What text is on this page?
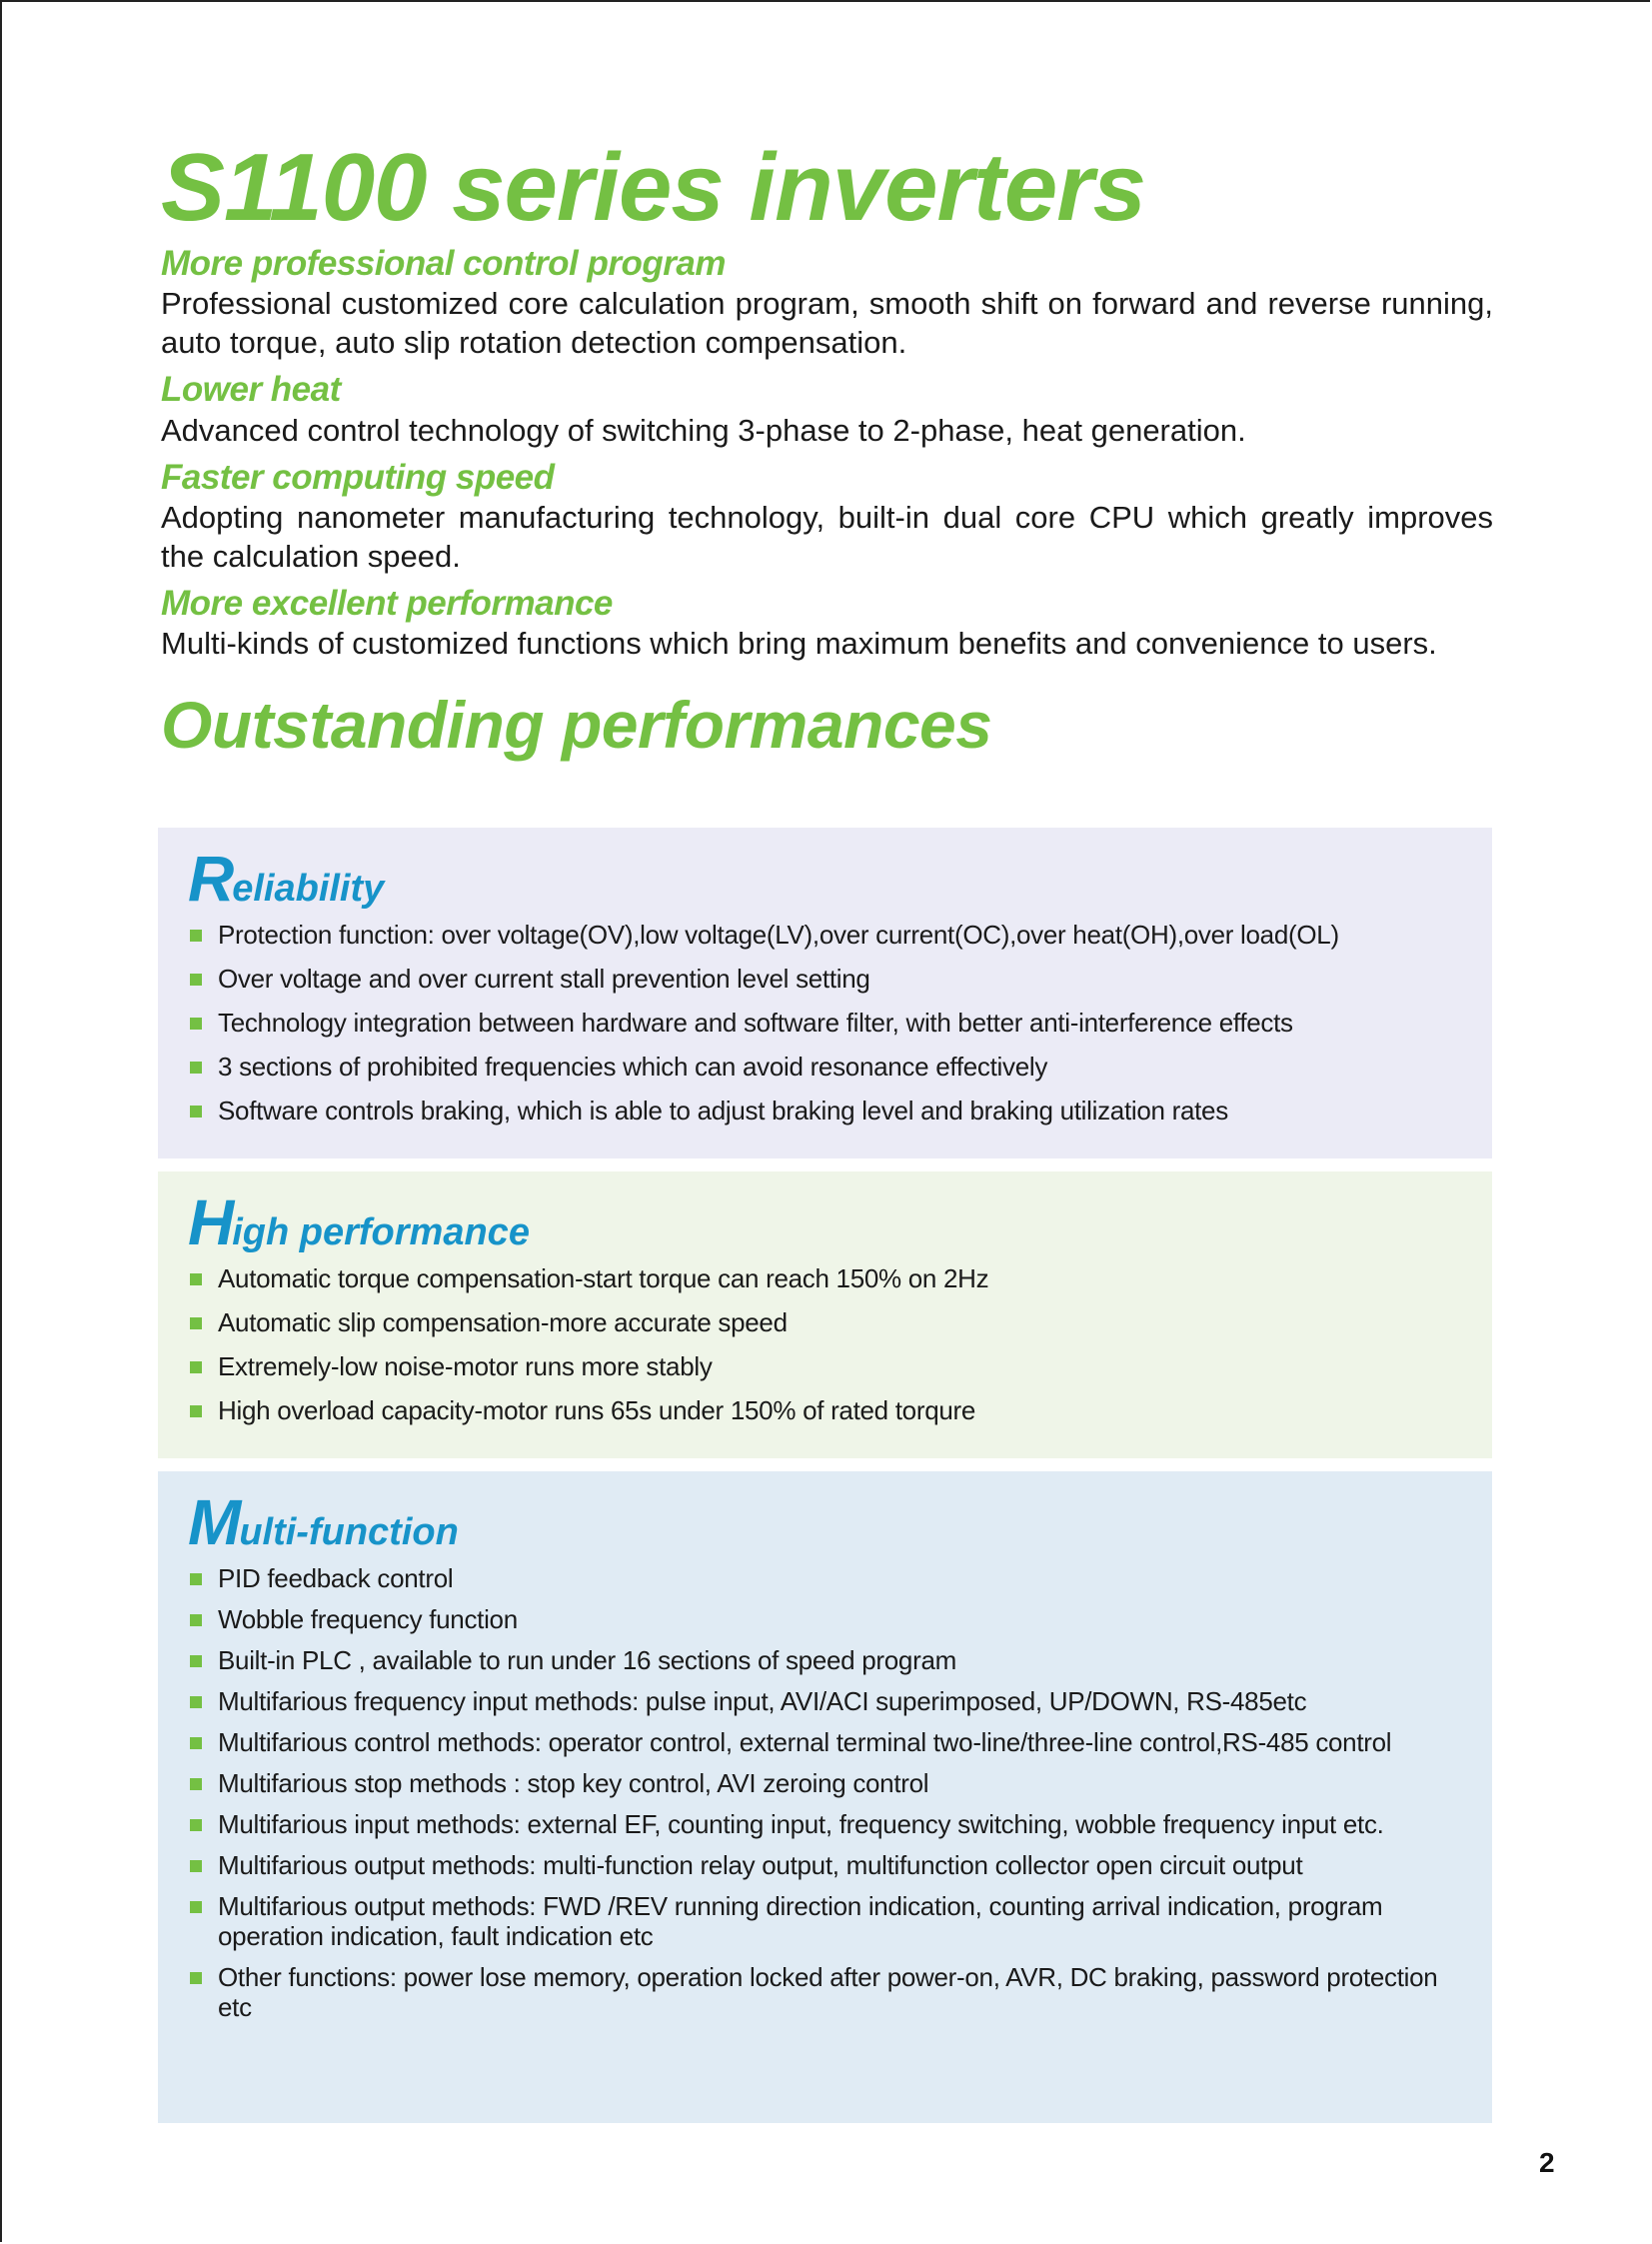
S1100 series inverters
More professional control program

Professional customized core calculation program, smooth shift on forward and reverse running, auto torque, auto slip rotation detection compensation.

Lower heat

Advanced control technology of switching 3-phase to 2-phase, heat generation.

Faster computing speed

Adopting nanometer manufacturing technology, built-in dual core CPU which greatly improves the calculation speed.

More excellent performance

Multi-kinds of customized functions which bring maximum benefits and convenience to users.

Outstanding performances
Reliability
Protection function: over voltage(OV),low voltage(LV),over current(OC),over heat(OH),over load(OL)
Over voltage and over current stall prevention level setting
Technology integration between hardware and software filter, with better anti-interference effects
3 sections of prohibited frequencies which can avoid resonance effectively
Software controls braking, which is able to adjust braking level and braking utilization rates
High performance
Automatic torque compensation-start torque can reach 150% on 2Hz
Automatic slip compensation-more accurate speed
Extremely-low noise-motor runs more stably
High overload capacity-motor runs 65s under 150% of rated torqure
Multi-function
PID feedback control
Wobble frequency function
Built-in PLC , available to run under 16 sections of speed program
Multifarious frequency input methods: pulse input, AVI/ACI superimposed, UP/DOWN, RS-485etc
Multifarious control methods: operator control, external terminal two-line/three-line control,RS-485 control
Multifarious stop methods : stop key control, AVI zeroing control
Multifarious input methods: external EF, counting input, frequency switching, wobble frequency input etc.
Multifarious output methods: multi-function relay output, multifunction collector open circuit output
Multifarious output methods: FWD /REV running direction indication, counting arrival indication, program operation indication, fault indication etc
Other functions: power lose memory, operation locked after power-on, AVR, DC braking, password protection etc
2
